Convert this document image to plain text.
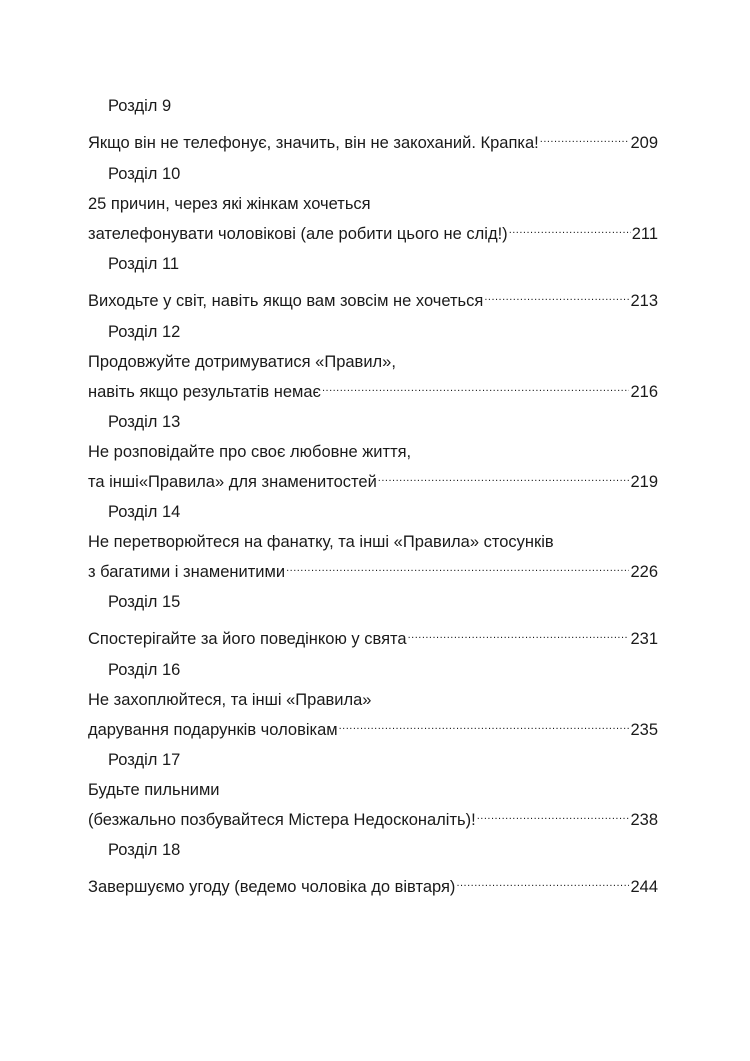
Розділ 9
Якщо він не телефонує, значить, він не закоханий. Крапка! .....	209
Розділ 10
25 причин, через які жінкам хочеться
зателефонувати чоловікові (але робити цього не слід!) .....	211
Розділ 11
Виходьте у світ, навіть якщо вам зовсім не хочеться .....	213
Розділ 12
Продовжуйте дотримуватися «Правил»,
навіть якщо результатів немає .....	216
Розділ 13
Не розповідайте про своє любовне життя,
та інші«Правила» для знаменитостей .....	219
Розділ 14
Не перетворюйтеся на фанатку, та інші «Правила» стосунків
з багатими і знаменитими .....	226
Розділ 15
Спостерігайте за його поведінкою у свята .....	231
Розділ 16
Не захоплюйтеся, та інші «Правила»
дарування подарунків чоловікам .....	235
Розділ 17
Будьте пильними
(безжально позбувайтеся Містера Недосконаліть)! .....	238
Розділ 18
Завершуємо угоду (ведемо чоловіка до вівтаря) .....	244
